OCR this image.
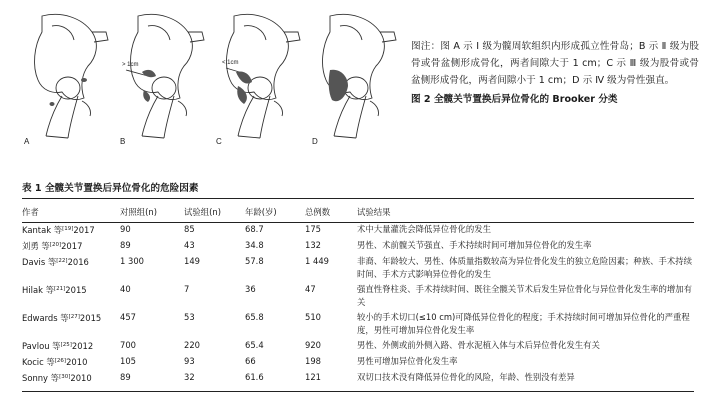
A
> 1cm
B
< 1cm
C	D
图注：图 A 示 Ⅰ 级为髋周软组织内形成孤立性骨岛；B 示 Ⅱ 级为股骨或骨盆侧形成骨化，两者间隙大于 1 cm；C 示 Ⅲ 级为股骨或骨盆侧形成骨化，两者间隙小于 1 cm；D 示 Ⅳ 级为骨性强直。
图 2 全髋关节置换后异位骨化的 Brooker 分类
表 1 全髋关节置换后异位骨化的危险因素
作者	对照组(n)	试验组(n)	年龄(岁)	总例数	试验结果
Kantak 等[19]2017	90	85	68.7	175	术中大量灌洗会降低异位骨化的发生
刘勇 等[20]2017	89	43	34.8	132	男性、术前髋关节强直、手术持续时间可增加异位骨化的发生率
Davis 等[22]2016	1 300	149	57.8	1 449	非裔、年龄较大、男性、体质量指数较高为异位骨化发生的独立危险因素；种族、手术持续时间、手术方式影响异位骨化的发生
Hilak 等[21]2015	40	7	36	47	强直性脊柱炎、手术持续时间、既往全髋关节术后发生异位骨化与异位骨化发生率的增加有关
Edwards 等[27]2015	457	53	65.8	510	较小的手术切口(≤10 cm)可降低异位骨化的程度；手术持续时间可增加异位骨化的严重程度，男性可增加异位骨化发生率
Pavlou 等[25]2012	700	220	65.4	920	男性、外侧或前外侧入路、骨水泥植入体与术后异位骨化发生有关
Kocic 等[26]2010	105	93	66	198	男性可增加异位骨化发生率
Sonny 等[30]2010	89	32	61.6	121	双切口技术没有降低异位骨化的风险，年龄、性别没有差异
